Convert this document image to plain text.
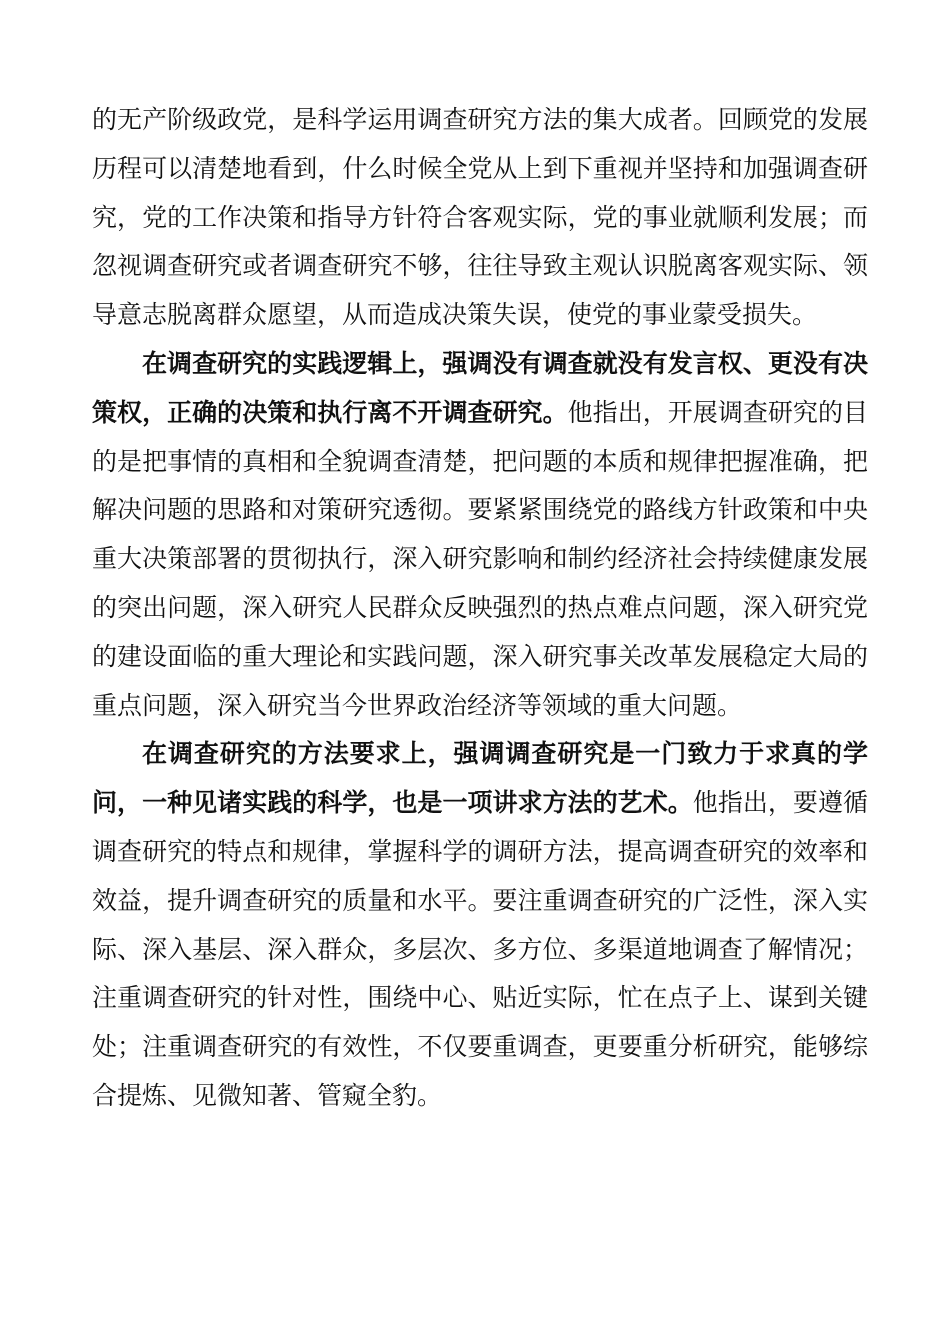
的无产阶级政党，是科学运用调查研究方法的集大成者。回顾党的发展历程可以清楚地看到，什么时候全党从上到下重视并坚持和加强调查研究，党的工作决策和指导方针符合客观实际，党的事业就顺利发展；而忽视调查研究或者调查研究不够，往往导致主观认识脱离客观实际、领导意志脱离群众愿望，从而造成决策失误，使党的事业蒙受损失。

在调查研究的实践逻辑上，强调没有调查就没有发言权、更没有决策权，正确的决策和执行离不开调查研究。他指出，开展调查研究的目的是把事情的真相和全貌调查清楚，把问题的本质和规律把握准确，把解决问题的思路和对策研究透彻。要紧紧围绕党的路线方针政策和中央重大决策部署的贯彻执行，深入研究影响和制约经济社会持续健康发展的突出问题，深入研究人民群众反映强烈的热点难点问题，深入研究党的建设面临的重大理论和实践问题，深入研究事关改革发展稳定大局的重点问题，深入研究当今世界政治经济等领域的重大问题。

在调查研究的方法要求上，强调调查研究是一门致力于求真的学问，一种见诸实践的科学，也是一项讲求方法的艺术。他指出，要遵循调查研究的特点和规律，掌握科学的调研方法，提高调查研究的效率和效益，提升调查研究的质量和水平。要注重调查研究的广泛性，深入实际、深入基层、深入群众，多层次、多方位、多渠道地调查了解情况；注重调查研究的针对性，围绕中心、贴近实际，忙在点子上、谋到关键处；注重调查研究的有效性，不仅要重调查，更要重分析研究，能够综合提炼、见微知著、管窥全豹。
